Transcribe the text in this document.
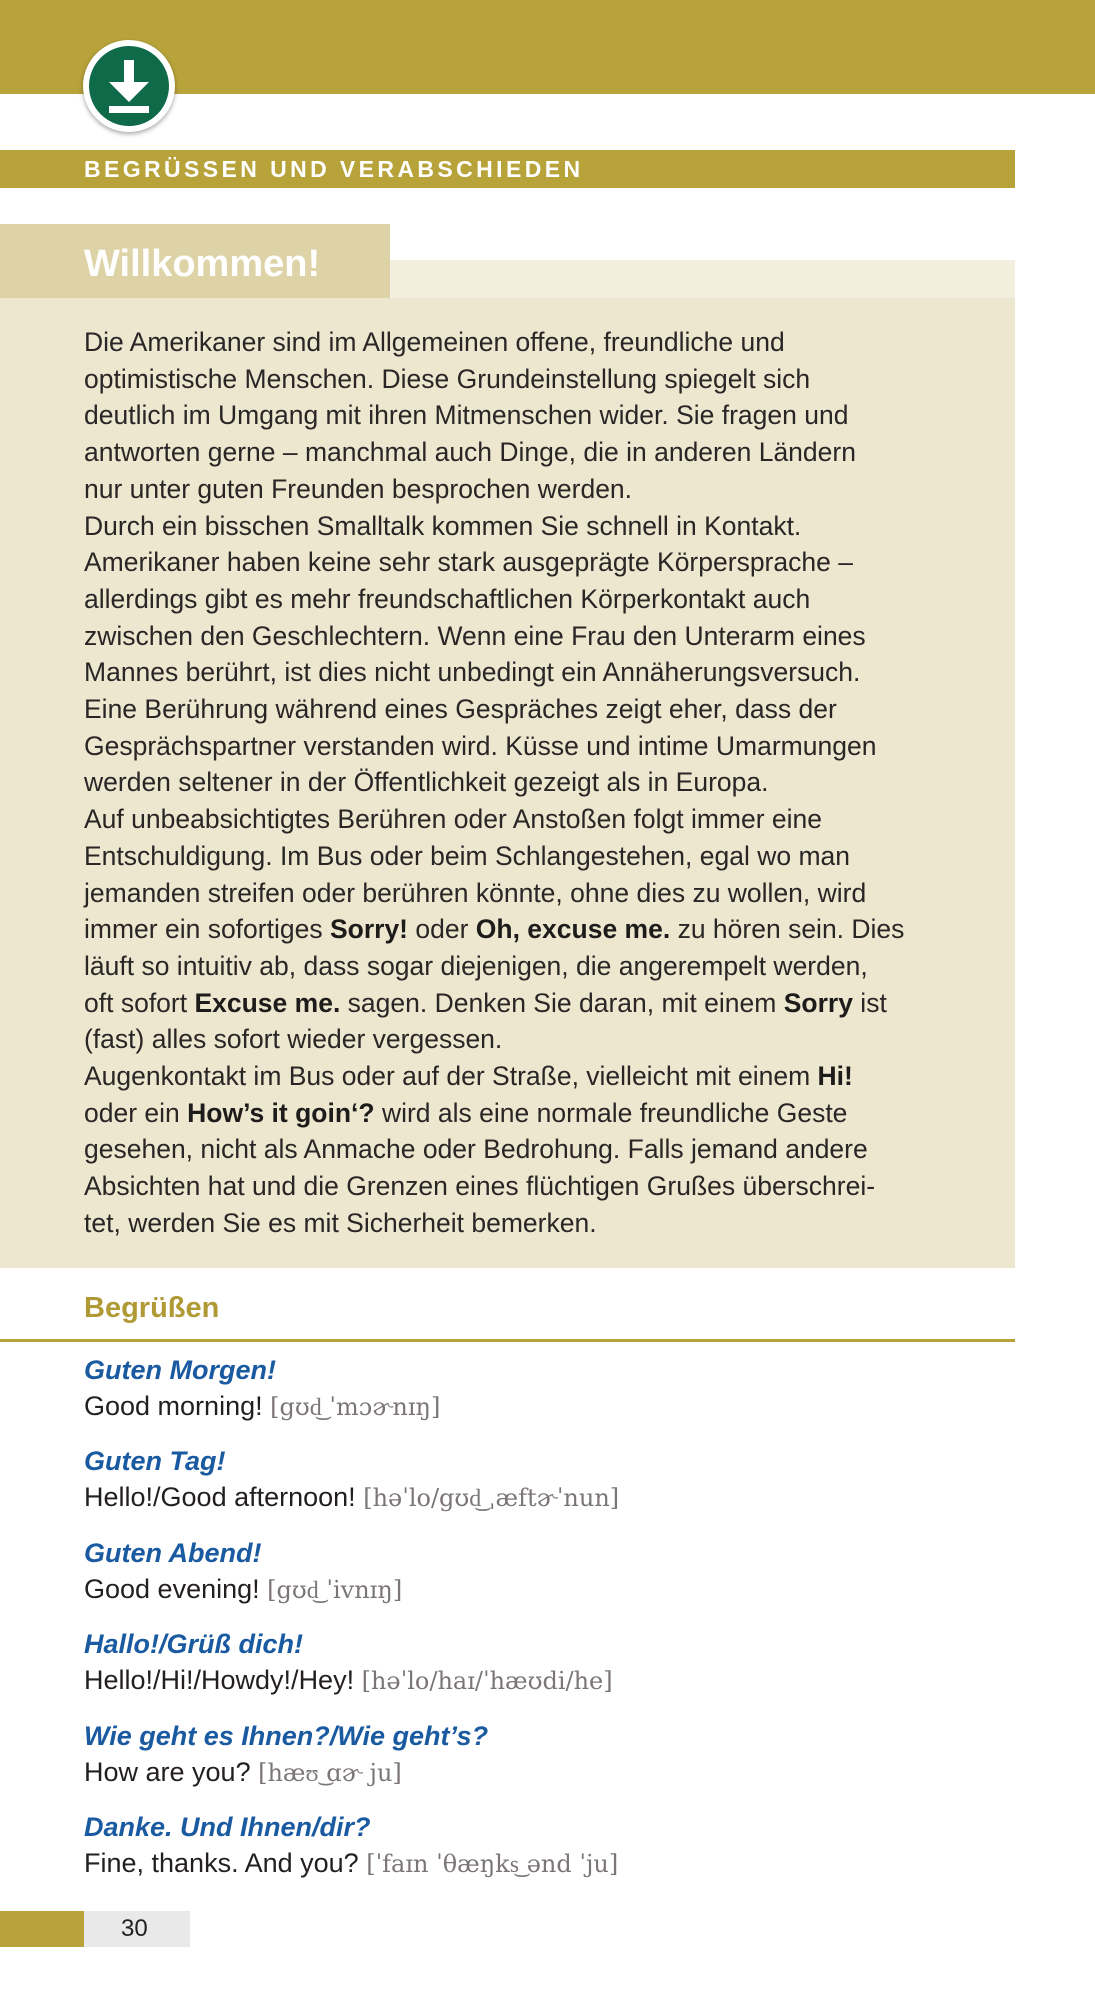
BEGRÜSSEN UND VERABSCHIEDEN
Willkommen!

Die Amerikaner sind im Allgemeinen offene, freundliche und
optimistische Menschen. Diese Grundeinstellung spiegelt sich
deutlich im Umgang mit ihren Mitmenschen wider. Sie fragen und
antworten gerne – manchmal auch Dinge, die in anderen Ländern
nur unter guten Freunden besprochen werden.
Durch ein bisschen Smalltalk kommen Sie schnell in Kontakt.
Amerikaner haben keine sehr stark ausgeprägte Körpersprache –
allerdings gibt es mehr freundschaftlichen Körperkontakt auch
zwischen den Geschlechtern. Wenn eine Frau den Unterarm eines
Mannes berührt, ist dies nicht unbedingt ein Annäherungsversuch.
Eine Berührung während eines Gespräches zeigt eher, dass der
Gesprächspartner verstanden wird. Küsse und intime Umarmungen
werden seltener in der Öffentlichkeit gezeigt als in Europa.
Auf unbeabsichtigtes Berühren oder Anstoßen folgt immer eine
Entschuldigung. Im Bus oder beim Schlangestehen, egal wo man
jemanden streifen oder berühren könnte, ohne dies zu wollen, wird
immer ein sofortiges Sorry! oder Oh, excuse me. zu hören sein. Dies
läuft so intuitiv ab, dass sogar diejenigen, die angerempelt werden,
oft sofort Excuse me. sagen. Denken Sie daran, mit einem Sorry ist
(fast) alles sofort wieder vergessen.
Augenkontakt im Bus oder auf der Straße, vielleicht mit einem Hi!
oder ein How’s it goin‘? wird als eine normale freundliche Geste
gesehen, nicht als Anmache oder Bedrohung. Falls jemand andere
Absichten hat und die Grenzen eines flüchtigen Grußes überschrei-
tet, werden Sie es mit Sicherheit bemerken.

Begrüßen
Guten Morgen!
Good morning! [gʊd͜ ˈmɔɚnɪŋ]
Guten Tag!
Hello!/Good afternoon! [həˈlo/gʊd͜ ˌæftɚˈnun]
Guten Abend!
Good evening! [gʊd͜ ˈivnɪŋ]
Hallo!/Grüß dich!
Hello!/Hi!/Howdy!/Hey! [həˈlo/haɪ/ˈhæʊdi/he]
Wie geht es Ihnen?/Wie geht’s?
How are you? [hæʊ͜ ɑɚ ju]
Danke. Und Ihnen/dir?
Fine, thanks. And you? [ˈfaɪn ˈθæŋks͜ ənd ˈju]
30
